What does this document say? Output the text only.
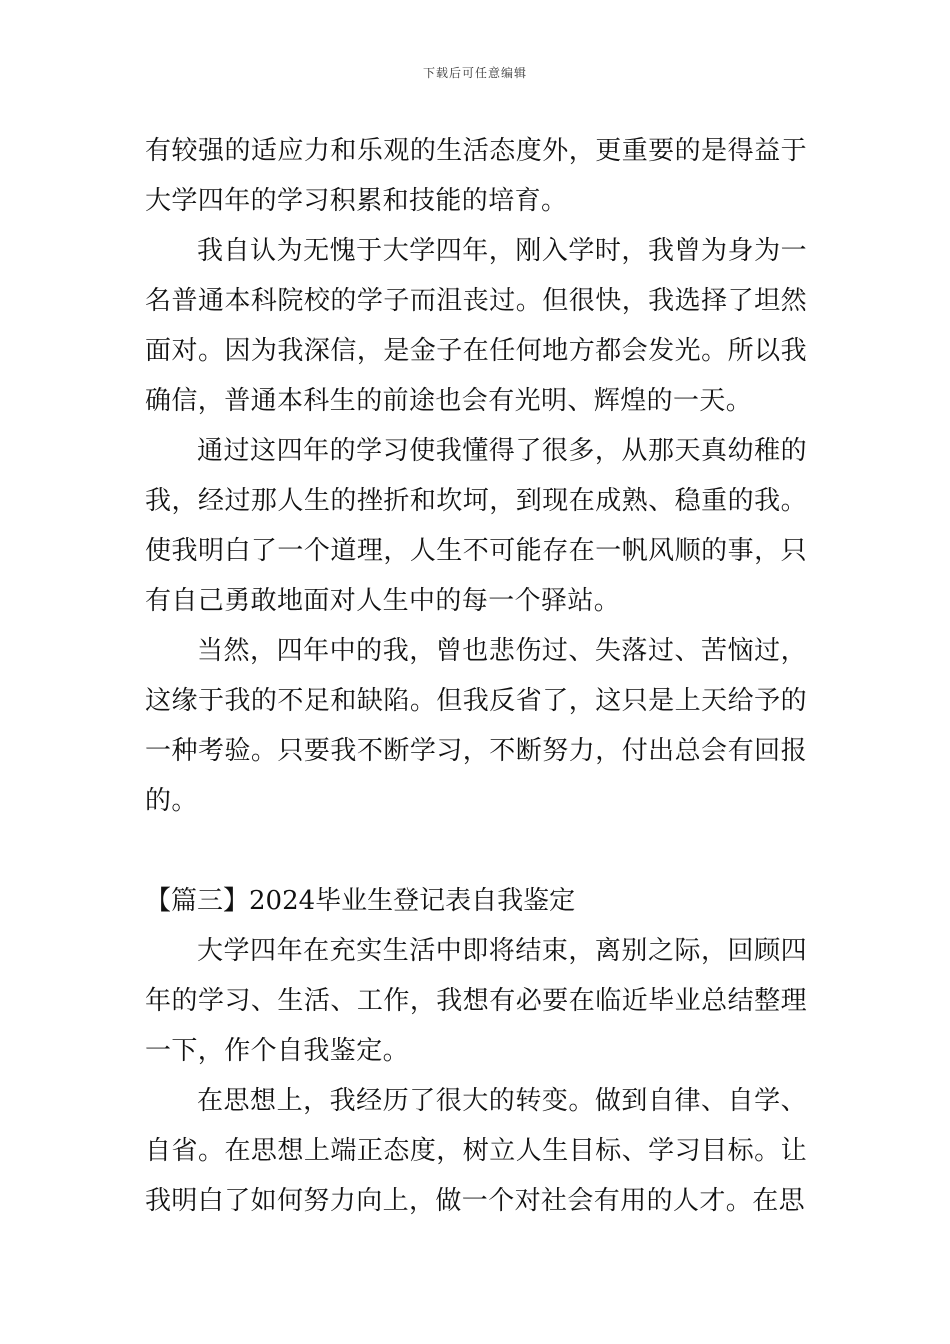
下载后可任意编辑

有较强的适应力和乐观的生活态度外，更重要的是得益于大学四年的学习积累和技能的培育。

我自认为无愧于大学四年，刚入学时，我曾为身为一名普通本科院校的学子而沮丧过。但很快，我选择了坦然面对。因为我深信，是金子在任何地方都会发光。所以我确信，普通本科生的前途也会有光明、辉煌的一天。

通过这四年的学习使我懂得了很多，从那天真幼稚的我，经过那人生的挫折和坎坷，到现在成熟、稳重的我。使我明白了一个道理，人生不可能存在一帆风顺的事，只有自己勇敢地面对人生中的每一个驿站。

当然，四年中的我，曾也悲伤过、失落过、苦恼过，这缘于我的不足和缺陷。但我反省了，这只是上天给予的一种考验。只要我不断学习，不断努力，付出总会有回报的。

【篇三】2024毕业生登记表自我鉴定

大学四年在充实生活中即将结束，离别之际，回顾四年的学习、生活、工作，我想有必要在临近毕业总结整理一下，作个自我鉴定。

在思想上，我经历了很大的转变。做到自律、自学、自省。在思想上端正态度，树立人生目标、学习目标。让我明白了如何努力向上，做一个对社会有用的人才。在思
